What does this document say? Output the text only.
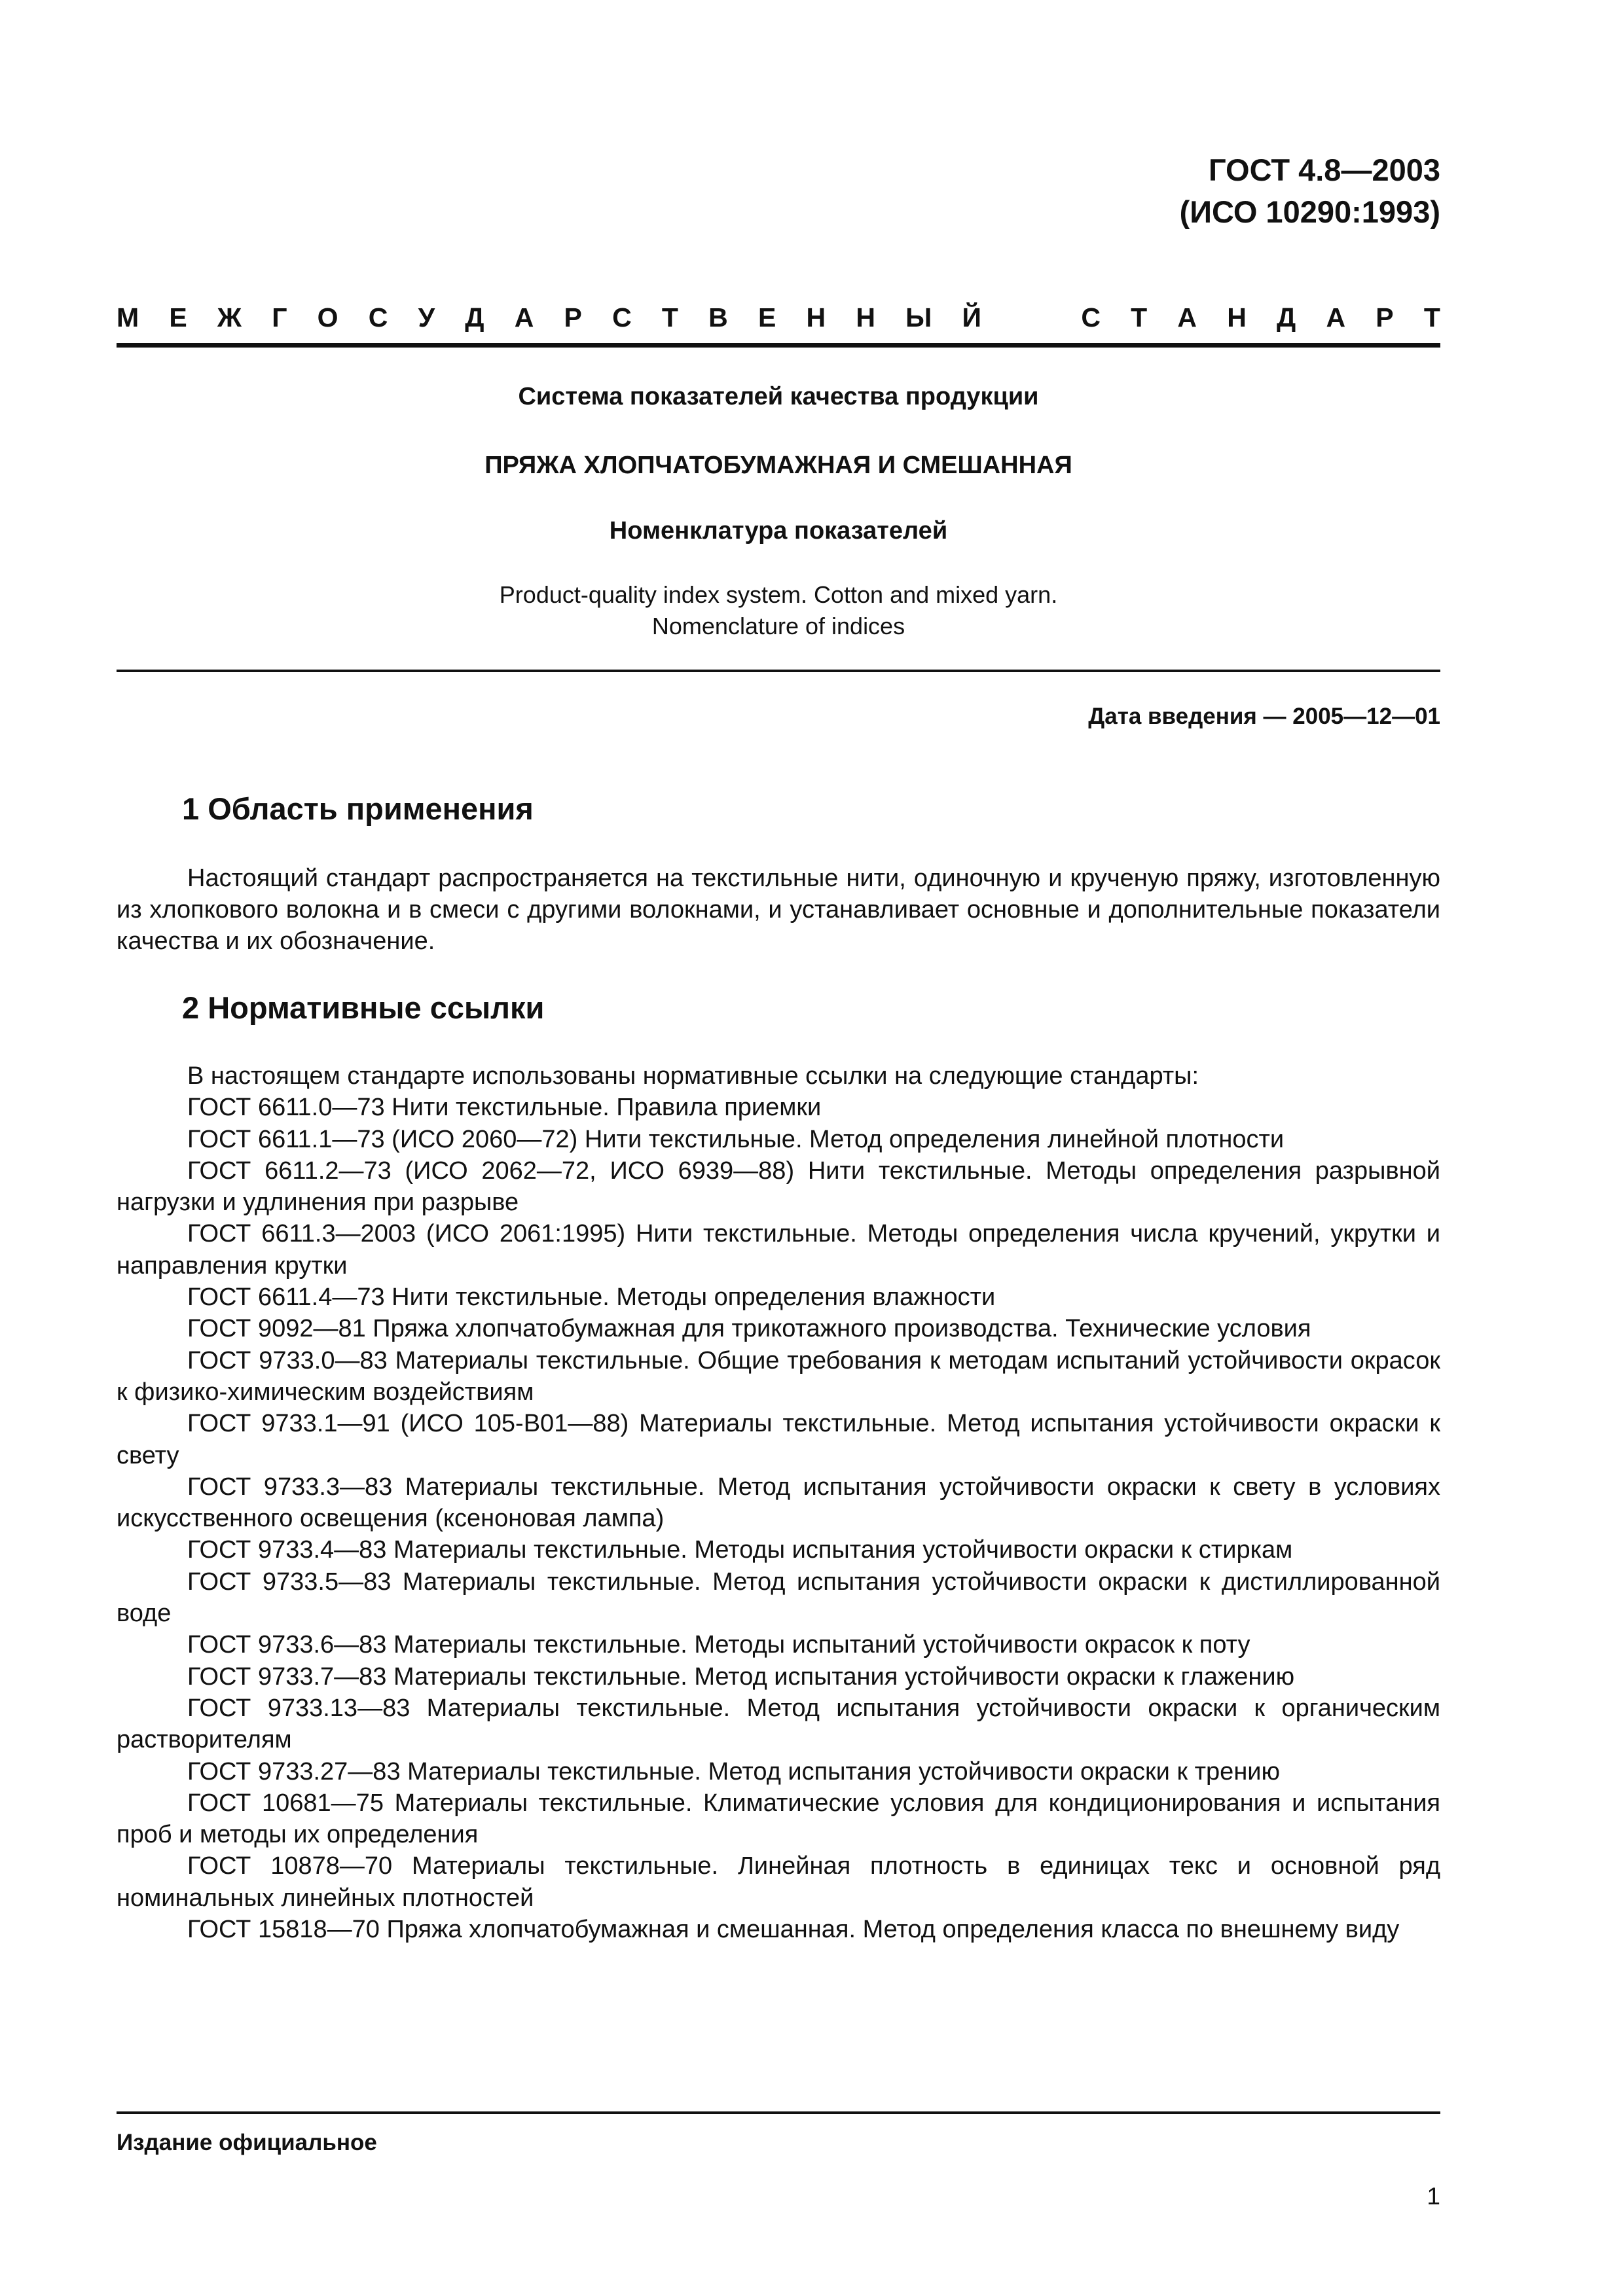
ГОСТ 4.8—2003
(ИСО 10290:1993)
М Е Ж Г О С У Д А Р С Т В Е Н Н Ы Й	С Т А Н Д А Р Т
Система показателей качества продукции
ПРЯЖА ХЛОПЧАТОБУМАЖНАЯ И СМЕШАННАЯ
Номенклатура показателей
Product-quality index system. Cotton and mixed yarn.
Nomenclature of indices
Дата введения — 2005—12—01
1 Область применения

Настоящий стандарт распространяется на текстильные нити, одиночную и крученую пряжу, изготовленную из хлопкового волокна и в смеси с другими волокнами, и устанавливает основные и дополнительные показатели качества и их обозначение.

2 Нормативные ссылки

В настоящем стандарте использованы нормативные ссылки на следующие стандарты:

ГОСТ 6611.0—73 Нити текстильные. Правила приемки

ГОСТ 6611.1—73 (ИСО 2060—72) Нити текстильные. Метод определения линейной плотности

ГОСТ 6611.2—73 (ИСО 2062—72, ИСО 6939—88) Нити текстильные. Методы определения разрывной нагрузки и удлинения при разрыве

ГОСТ 6611.3—2003 (ИСО 2061:1995) Нити текстильные. Методы определения числа кручений, укрутки и направления крутки

ГОСТ 6611.4—73 Нити текстильные. Методы определения влажности

ГОСТ 9092—81 Пряжа хлопчатобумажная для трикотажного производства. Технические условия

ГОСТ 9733.0—83 Материалы текстильные. Общие требования к методам испытаний устойчивости окрасок к физико-химическим воздействиям

ГОСТ 9733.1—91 (ИСО 105-В01—88) Материалы текстильные. Метод испытания устойчивости окраски к свету

ГОСТ 9733.3—83 Материалы текстильные. Метод испытания устойчивости окраски к свету в условиях искусственного освещения (ксеноновая лампа)

ГОСТ 9733.4—83 Материалы текстильные. Методы испытания устойчивости окраски к стиркам

ГОСТ 9733.5—83 Материалы текстильные. Метод испытания устойчивости окраски к дистиллированной воде

ГОСТ 9733.6—83 Материалы текстильные. Методы испытаний устойчивости окрасок к поту

ГОСТ 9733.7—83 Материалы текстильные. Метод испытания устойчивости окраски к глажению

ГОСТ 9733.13—83 Материалы текстильные. Метод испытания устойчивости окраски к органическим растворителям

ГОСТ 9733.27—83 Материалы текстильные. Метод испытания устойчивости окраски к трению

ГОСТ 10681—75 Материалы текстильные. Климатические условия для кондиционирования и испытания проб и методы их определения

ГОСТ 10878—70 Материалы текстильные. Линейная плотность в единицах текс и основной ряд номинальных линейных плотностей

ГОСТ 15818—70 Пряжа хлопчатобумажная и смешанная. Метод определения класса по внешнему виду

Издание официальное
1
